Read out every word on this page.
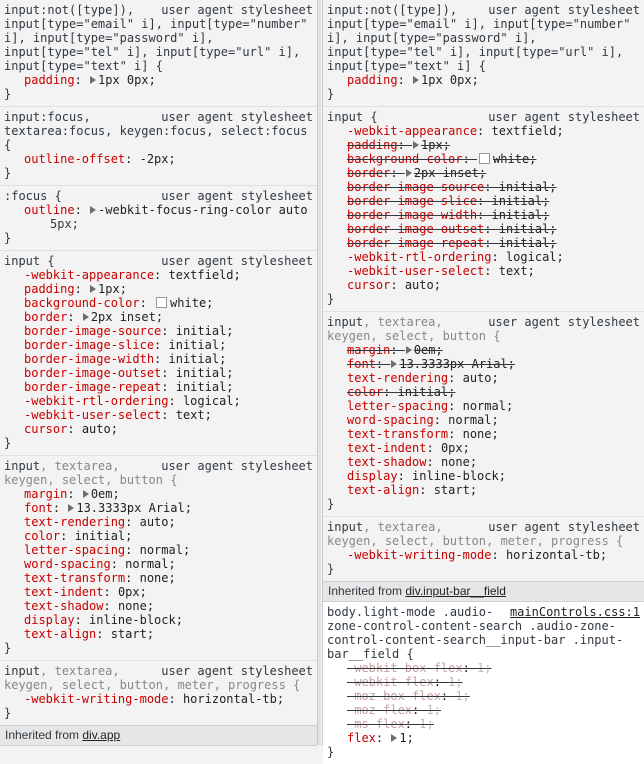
user agent stylesheet
input:not([type]),
input[type="email" i], input[type="number"
i], input[type="password" i],
input[type="tel" i], input[type="url" i],
input[type="text" i] {
padding: 1px 0px;
}
user agent stylesheet
input:focus,
textarea:focus, keygen:focus, select:focus
{
outline-offset: -2px;
}
user agent stylesheet
:focus {
outline: -webkit-focus-ring-color auto
5px;
}
user agent stylesheet
input {
-webkit-appearance: textfield;
padding: 1px;
background-color: white;
border: 2px inset;
border-image-source: initial;
border-image-slice: initial;
border-image-width: initial;
border-image-outset: initial;
border-image-repeat: initial;
-webkit-rtl-ordering: logical;
-webkit-user-select: text;
cursor: auto;
}
user agent stylesheet
input, textarea,
keygen, select, button {
margin: 0em;
font: 13.3333px Arial;
text-rendering: auto;
color: initial;
letter-spacing: normal;
word-spacing: normal;
text-transform: none;
text-indent: 0px;
text-shadow: none;
display: inline-block;
text-align: start;
}
user agent stylesheet
input, textarea,
keygen, select, button, meter, progress {
-webkit-writing-mode: horizontal-tb;
}
Inherited from div.app
user agent stylesheet
input:not([type]),
input[type="email" i], input[type="number"
i], input[type="password" i],
input[type="tel" i], input[type="url" i],
input[type="text" i] {
padding: 1px 0px;
}
user agent stylesheet
input {
-webkit-appearance: textfield;
padding: 1px;
background-color: white;
border: 2px inset;
border-image-source: initial;
border-image-slice: initial;
border-image-width: initial;
border-image-outset: initial;
border-image-repeat: initial;
-webkit-rtl-ordering: logical;
-webkit-user-select: text;
cursor: auto;
}
user agent stylesheet
input, textarea,
keygen, select, button {
margin: 0em;
font: 13.3333px Arial;
text-rendering: auto;
color: initial;
letter-spacing: normal;
word-spacing: normal;
text-transform: none;
text-indent: 0px;
text-shadow: none;
display: inline-block;
text-align: start;
}
user agent stylesheet
input, textarea,
keygen, select, button, meter, progress {
-webkit-writing-mode: horizontal-tb;
}
Inherited from div.input-bar__field
mainControls.css:1
body.light-mode .audio-
zone-control-content-search .audio-zone-
control-content-search__input-bar .input-
bar__field {
-webkit-box-flex: 1;
-webkit-flex: 1;
-moz-box-flex: 1;
-moz-flex: 1;
-ms-flex: 1;
flex: 1;
}
